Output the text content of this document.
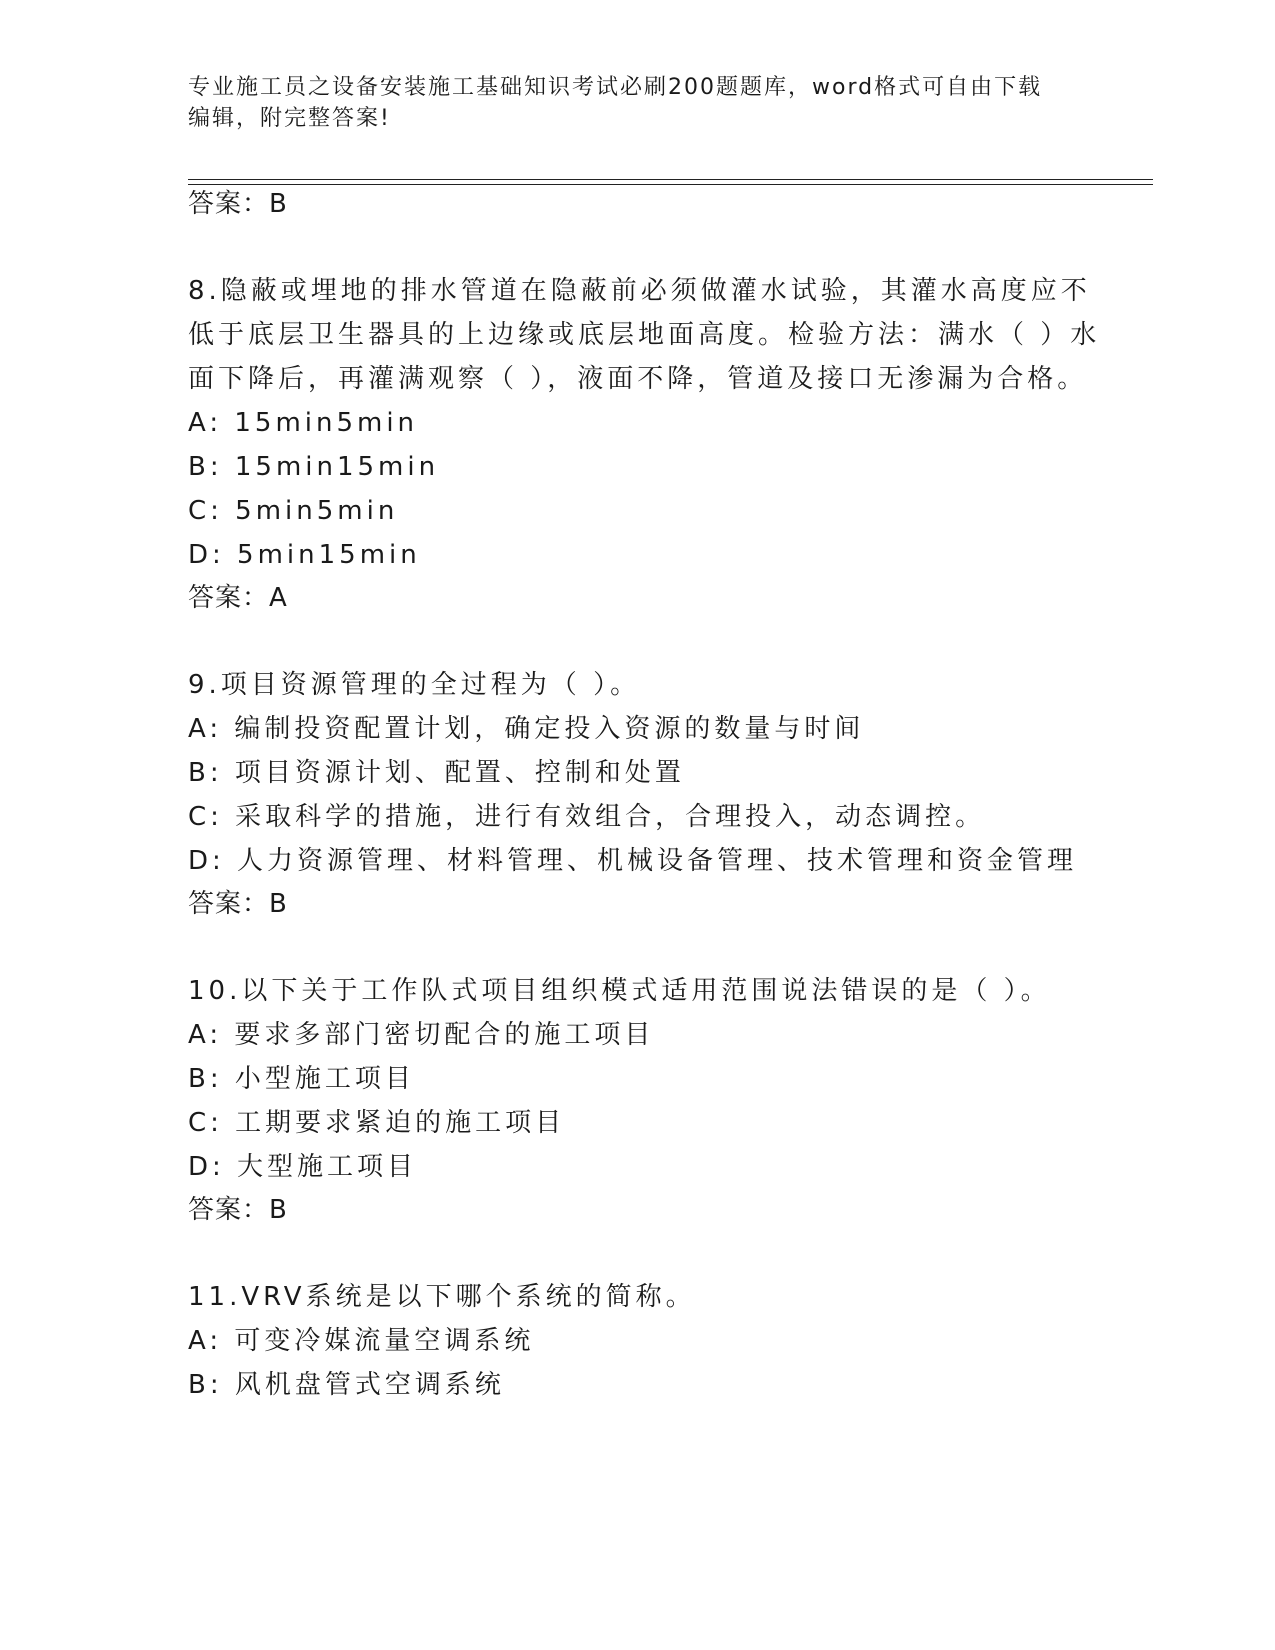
专业施工员之设备安装施工基础知识考试必刷200题题库，word格式可自由下载
编辑，附完整答案!
答案：B
8.隐蔽或埋地的排水管道在隐蔽前必须做灌水试验，其灌水高度应不
低于底层卫生器具的上边缘或底层地面高度。检验方法：满水（ ）水
面下降后，再灌满观察（ ），液面不降，管道及接口无渗漏为合格。
A: 15min5min
B: 15min15min
C: 5min5min
D: 5min15min
答案：A
9.项目资源管理的全过程为（ ）。
A: 编制投资配置计划，确定投入资源的数量与时间
B: 项目资源计划、配置、控制和处置
C: 采取科学的措施，进行有效组合，合理投入，动态调控。
D: 人力资源管理、材料管理、机械设备管理、技术管理和资金管理
答案：B
10.以下关于工作队式项目组织模式适用范围说法错误的是（ ）。
A: 要求多部门密切配合的施工项目
B: 小型施工项目
C: 工期要求紧迫的施工项目
D: 大型施工项目
答案：B
11.VRV系统是以下哪个系统的简称。
A: 可变冷媒流量空调系统
B: 风机盘管式空调系统
